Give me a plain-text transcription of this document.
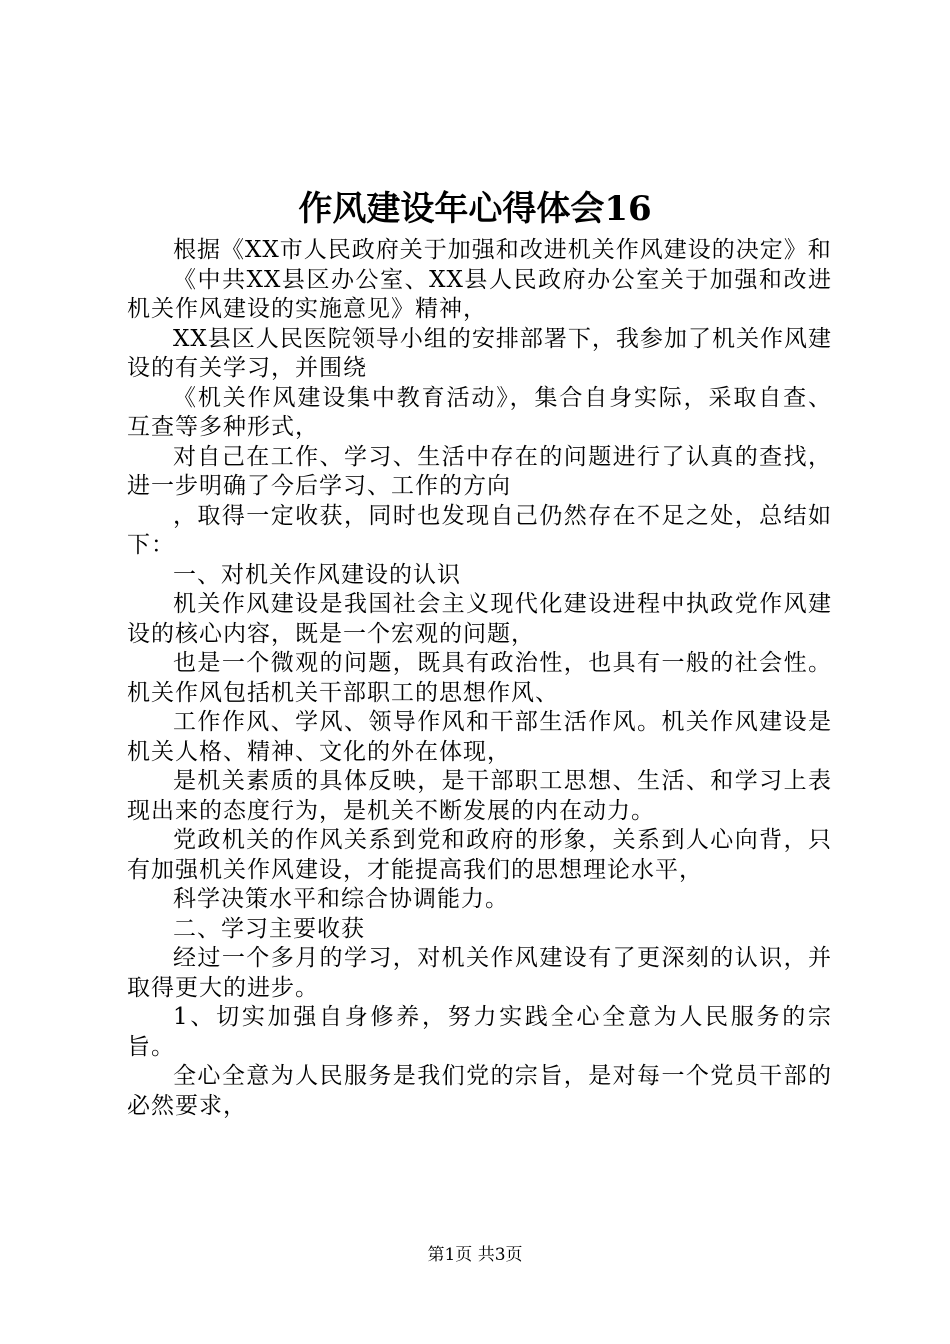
作风建设年心得体会16

根据《XX市人民政府关于加强和改进机关作风建设的决定》和

《中共XX县区办公室、XX县人民政府办公室关于加强和改进机关作风建设的实施意见》精神，

XX县区人民医院领导小组的安排部署下，我参加了机关作风建设的有关学习，并围绕

《机关作风建设集中教育活动》，集合自身实际，采取自查、互查等多种形式，

对自己在工作、学习、生活中存在的问题进行了认真的查找，进一步明确了今后学习、工作的方向

，取得一定收获，同时也发现自己仍然存在不足之处，总结如下：

一、对机关作风建设的认识

机关作风建设是我国社会主义现代化建设进程中执政党作风建设的核心内容，既是一个宏观的问题，

也是一个微观的问题，既具有政治性，也具有一般的社会性。机关作风包括机关干部职工的思想作风、

工作作风、学风、领导作风和干部生活作风。机关作风建设是机关人格、精神、文化的外在体现，

是机关素质的具体反映，是干部职工思想、生活、和学习上表现出来的态度行为，是机关不断发展的内在动力。

党政机关的作风关系到党和政府的形象，关系到人心向背，只有加强机关作风建设，才能提高我们的思想理论水平，

科学决策水平和综合协调能力。

二、学习主要收获

经过一个多月的学习，对机关作风建设有了更深刻的认识，并取得更大的进步。

1、切实加强自身修养，努力实践全心全意为人民服务的宗旨。

全心全意为人民服务是我们党的宗旨，是对每一个党员干部的必然要求，

第1页 共3页
